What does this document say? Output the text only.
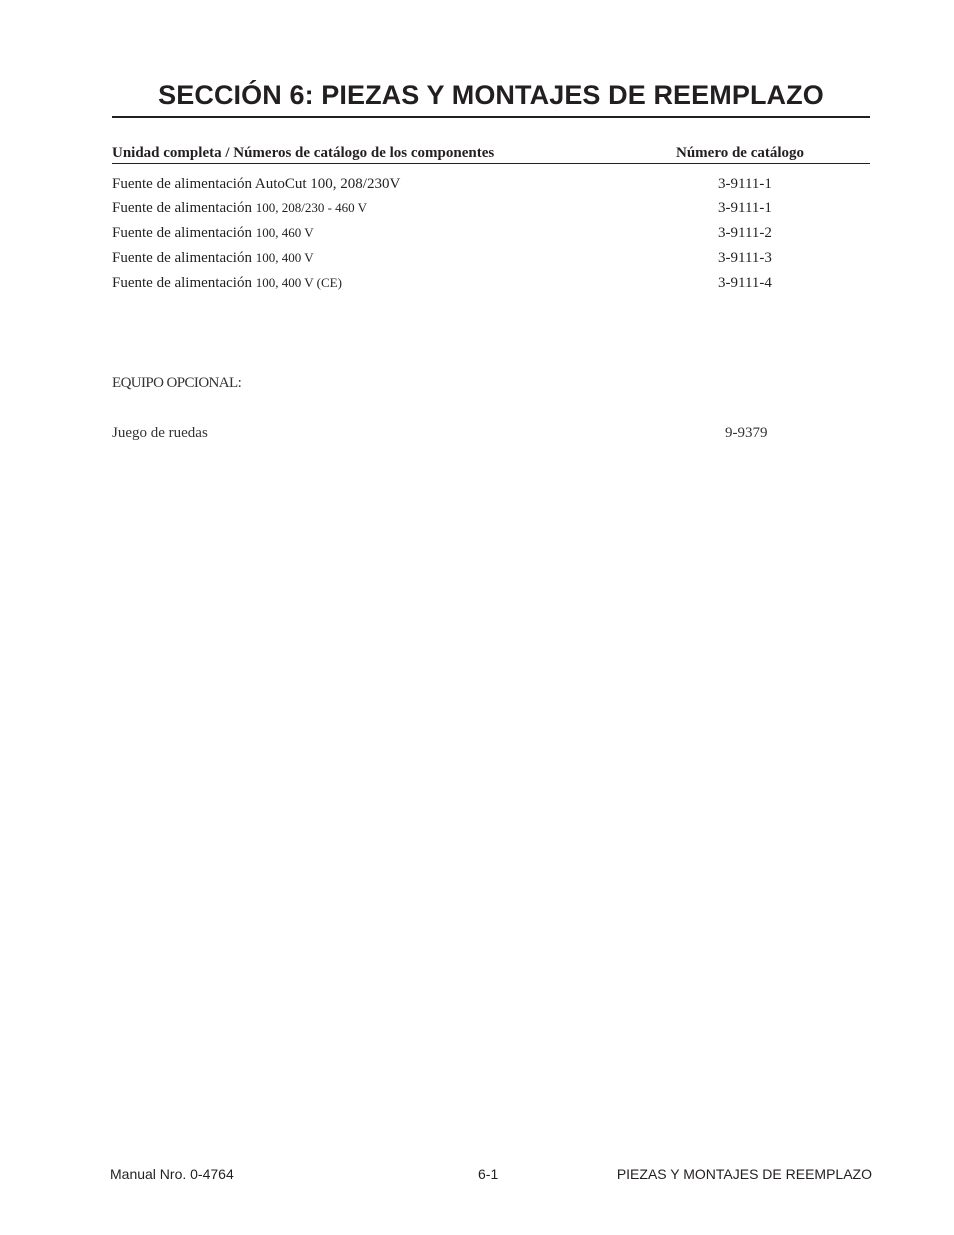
SECCIÓN 6: PIEZAS Y MONTAJES DE REEMPLAZO
Unidad completa / Números de catálogo de los componentes	Número de catálogo
Fuente de alimentación AutoCut 100, 208/230V	3-9111-1
Fuente de alimentación 100, 208/230 - 460 V	3-9111-1
Fuente de alimentación 100, 460 V	3-9111-2
Fuente de alimentación 100, 400 V	3-9111-3
Fuente de alimentación 100, 400 V (CE)	3-9111-4
EQUIPO OPCIONAL:
Juego de ruedas	9-9379
Manual Nro. 0-4764	6-1	PIEZAS Y MONTAJES DE REEMPLAZO
